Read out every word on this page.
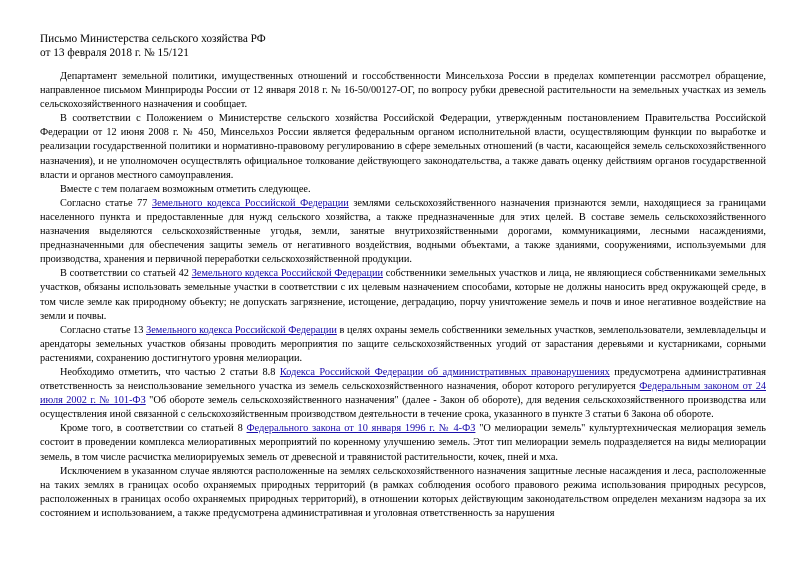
Письмо Министерства сельского хозяйства РФ
от 13 февраля 2018 г. № 15/121

Департамент земельной политики, имущественных отношений и госсобственности Минсельхоза России в пределах компетенции рассмотрел обращение, направленное письмом Минприроды России от 12 января 2018 г. № 16-50/00127-ОГ, по вопросу рубки древесной растительности на земельных участках из земель сельскохозяйственного назначения и сообщает.

В соответствии с Положением о Министерстве сельского хозяйства Российской Федерации, утвержденным постановлением Правительства Российской Федерации от 12 июня 2008 г. № 450, Минсельхоз России является федеральным органом исполнительной власти, осуществляющим функции по выработке и реализации государственной политики и нормативно-правовому регулированию в сфере земельных отношений (в части, касающейся земель сельскохозяйственного назначения), и не уполномочен осуществлять официальное толкование действующего законодательства, а также давать оценку действиям органов государственной власти и органов местного самоуправления.

Вместе с тем полагаем возможным отметить следующее.

Согласно статье 77 Земельного кодекса Российской Федерации землями сельскохозяйственного назначения признаются земли, находящиеся за границами населенного пункта и предоставленные для нужд сельского хозяйства, а также предназначенные для этих целей. В составе земель сельскохозяйственного назначения выделяются сельскохозяйственные угодья, земли, занятые внутрихозяйственными дорогами, коммуникациями, лесными насаждениями, предназначенными для обеспечения защиты земель от негативного воздействия, водными объектами, а также зданиями, сооружениями, используемыми для производства, хранения и первичной переработки сельскохозяйственной продукции.

В соответствии со статьей 42 Земельного кодекса Российской Федерации собственники земельных участков и лица, не являющиеся собственниками земельных участков, обязаны использовать земельные участки в соответствии с их целевым назначением способами, которые не должны наносить вред окружающей среде, в том числе земле как природному объекту; не допускать загрязнение, истощение, деградацию, порчу уничтожение земель и почв и иное негативное воздействие на земли и почвы.

Согласно статье 13 Земельного кодекса Российской Федерации в целях охраны земель собственники земельных участков, землепользователи, землевладельцы и арендаторы земельных участков обязаны проводить мероприятия по защите сельскохозяйственных угодий от зарастания деревьями и кустарниками, сорными растениями, сохранению достигнутого уровня мелиорации.

Необходимо отметить, что частью 2 статьи 8.8 Кодекса Российской Федерации об административных правонарушениях предусмотрена административная ответственность за неиспользование земельного участка из земель сельскохозяйственного назначения, оборот которого регулируется Федеральным законом от 24 июля 2002 г. № 101-ФЗ "Об обороте земель сельскохозяйственного назначения" (далее - Закон об обороте), для ведения сельскохозяйственного производства или осуществления иной связанной с сельскохозяйственным производством деятельности в течение срока, указанного в пункте 3 статьи 6 Закона об обороте.

Кроме того, в соответствии со статьей 8 Федерального закона от 10 января 1996 г. № 4-ФЗ "О мелиорации земель" культуртехническая мелиорация земель состоит в проведении комплекса мелиоративных мероприятий по коренному улучшению земель. Этот тип мелиорации земель подразделяется на виды мелиорации земель, в том числе расчистка мелиорируемых земель от древесной и травянистой растительности, кочек, пней и мха.

Исключением в указанном случае являются расположенные на землях сельскохозяйственного назначения защитные лесные насаждения и леса, расположенные на таких землях в границах особо охраняемых природных территорий (в рамках соблюдения особого правового режима использования природных ресурсов, расположенных в границах особо охраняемых природных территорий), в отношении которых действующим законодательством определен механизм надзора за их состоянием и использованием, а также предусмотрена административная и уголовная ответственность за нарушения
